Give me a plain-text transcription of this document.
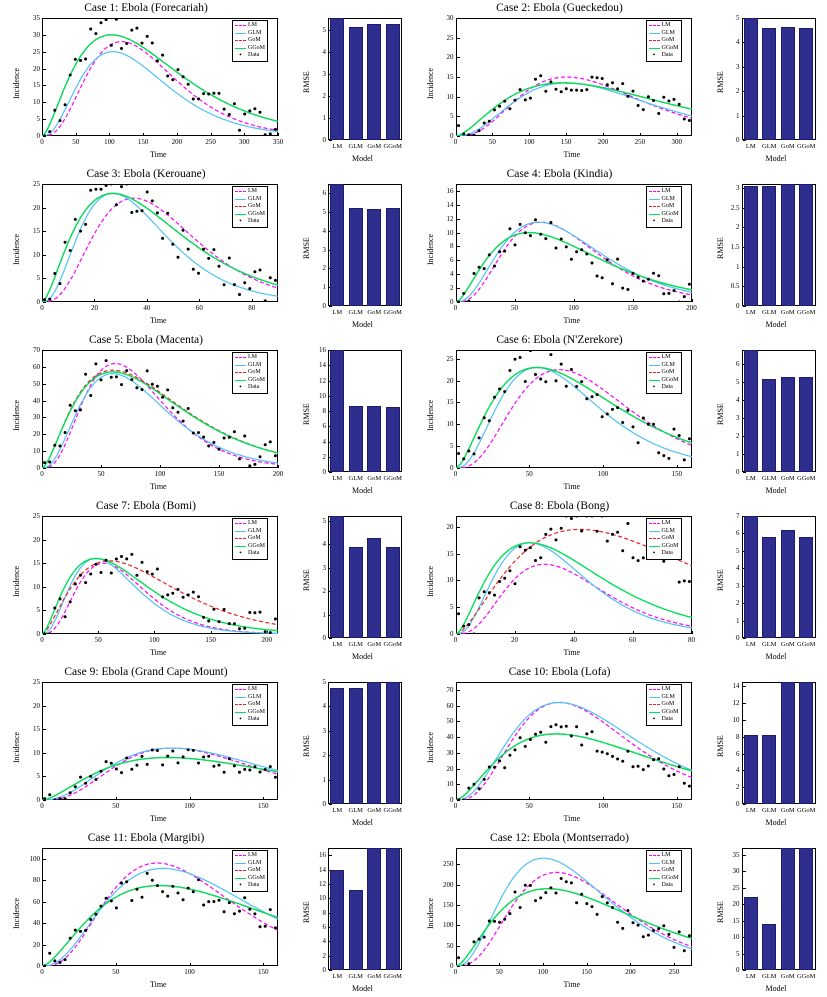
Case 1: Ebola (Forecariah)
Incidence
Time
0	50	100	150	200	250	300	350
0
5
10
15
20
25
30
35
LM
GLM
GoM
GGoM
•	Data
RMSE
Model
0
1
2
3
4
5
LM GLM GoM GGoM
Case 2: Ebola (Gueckedou)
Incidence
Time
0	50	100	150	200	250	300
0
5
10
15
20
25
30
LM
GLM
GoM
GGoM
•	Data
RMSE
Model
0
1
2
3
4
5
LM GLM GoM GGoM
Case 3: Ebola (Kerouane)
Incidence
Time
0	20	40	60	80
0
5
10
15
20
25
LM
GLM
GoM
GGoM
•	Data
RMSE
Model
0
1
2
3
4
5
6
LM GLM GoM GGoM
Case 4: Ebola (Kindia)
Incidence
Time
0	50	100	150	200
0
2
4
6
8
10
12
14
16	LM
GLM
GoM
GGoM
•	Data
RMSE
Model
0
0.5
1
1.5
2
2.5
3
LM GLM GoM GGoM
Case 5: Ebola (Macenta)
Incidence
Time
0	50	100	150	200
0
10
20
30
40
50
60
70
LM
GLM
GoM
GGoM
•	Data
RMSE
Model
0
2
4
6
8
10
12
14
16
LM GLM GoM GGoM
Case 6: Ebola (N'Zerekore)
Incidence
Time
0	50	100	150
0
5
10
15
20
25	LM
GLM
GoM
GGoM
•	Data
RMSE
Model
0
1
2
3
4
5
6
LM GLM GoM GGoM
Case 7: Ebola (Bomi)
Incidence
Time
0	50	100	150	200
0
5
10
15
20
25
LM
GLM
GoM
GGoM
•	Data
RMSE
Model
0
1
2
3
4
5
LM GLM GoM GGoM
Case 8: Ebola (Bong)
Incidence
Time
0	20	40	60	80
0
5
10
15
20	LM
GLM
GoM
GGoM
•	Data
RMSE
Model
0
1
2
3
4
5
6
7
LM GLM GoM GGoM
Case 9: Ebola (Grand Cape Mount)
Incidence
Time
0	50	100	150
0
5
10
15
20
25
LM
GLM
GoM
GGoM
•	Data
RMSE
Model
0
1
2
3
4
5
LM GLM GoM GGoM
Case 10: Ebola (Lofa)
Incidence
Time
0	50	100	150
0
10
20
30
40
50
60
70	LM
GLM
GoM
GGoM
•	Data
RMSE
Model
0
2
4
6
8
10
12
14
LM GLM GoM GGoM
Case 11: Ebola (Margibi)
Incidence
Time
0	50	100	150
0
20
40
60
80
100	LM
GLM
GoM
GGoM
•	Data
RMSE
Model
0
2
4
6
8
10
12
14
16
LM GLM GoM GGoM
Case 12: Ebola (Montserrado)
Incidence
Time
0	50	100	150	200	250
0
50
100
150
200
250
LM
GLM
GoM
GGoM
•	Data
RMSE
Model
0
5
10
15
20
25
30
35
LM GLM GoM GGoM
